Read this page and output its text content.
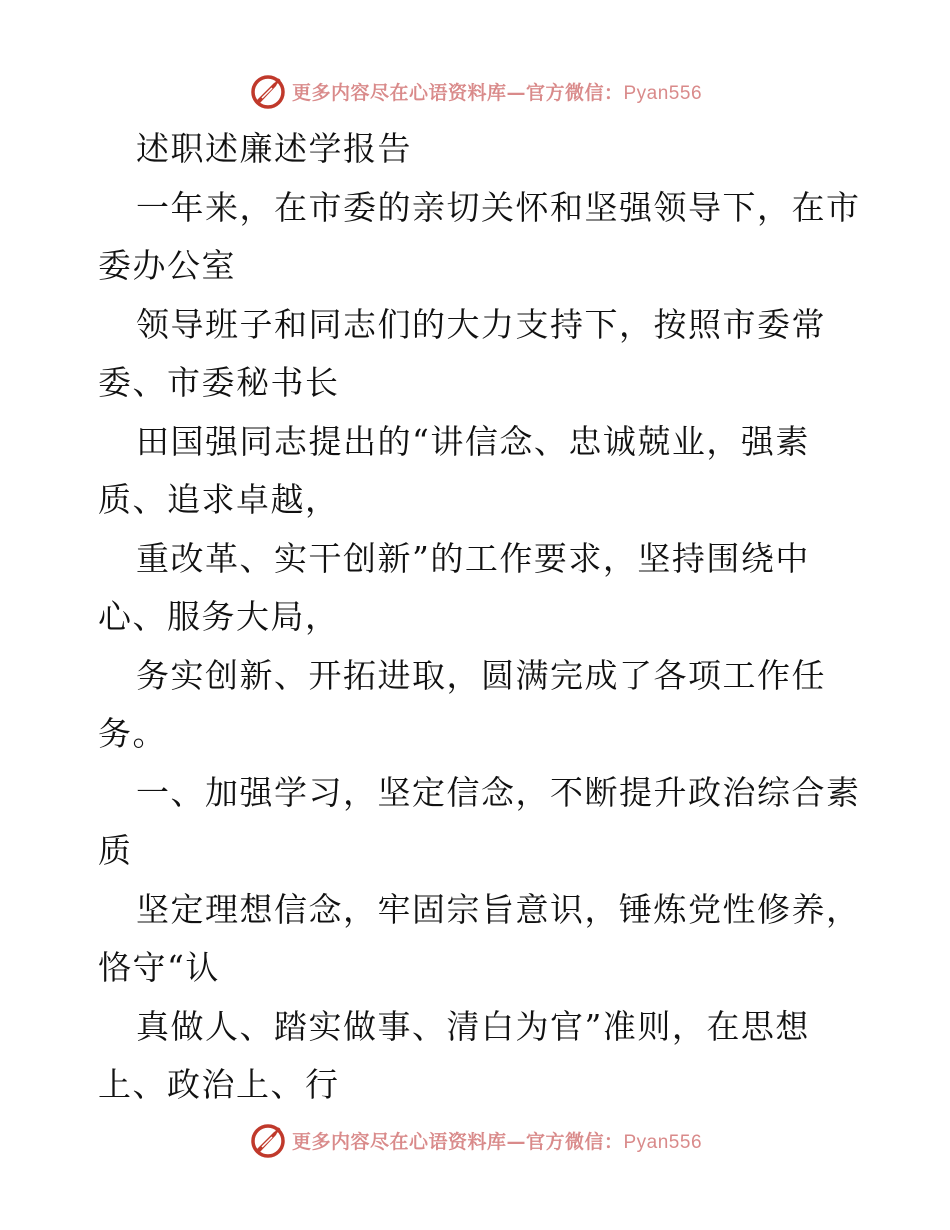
更多内容尽在心语资料库—官方微信：Pyan556
述职述廉述学报告
一年来，在市委的亲切关怀和坚强领导下，在市
委办公室
领导班子和同志们的大力支持下，按照市委常
委、市委秘书长
田国强同志提出的“讲信念、忠诚兢业，强素
质、追求卓越，
重改革、实干创新”的工作要求，坚持围绕中
心、服务大局，
务实创新、开拓进取，圆满完成了各项工作任
务。
一、加强学习，坚定信念，不断提升政治综合素
质
坚定理想信念，牢固宗旨意识，锤炼党性修养，
恪守“认
真做人、踏实做事、清白为官”准则，在思想
上、政治上、行
更多内容尽在心语资料库—官方微信：Pyan556
